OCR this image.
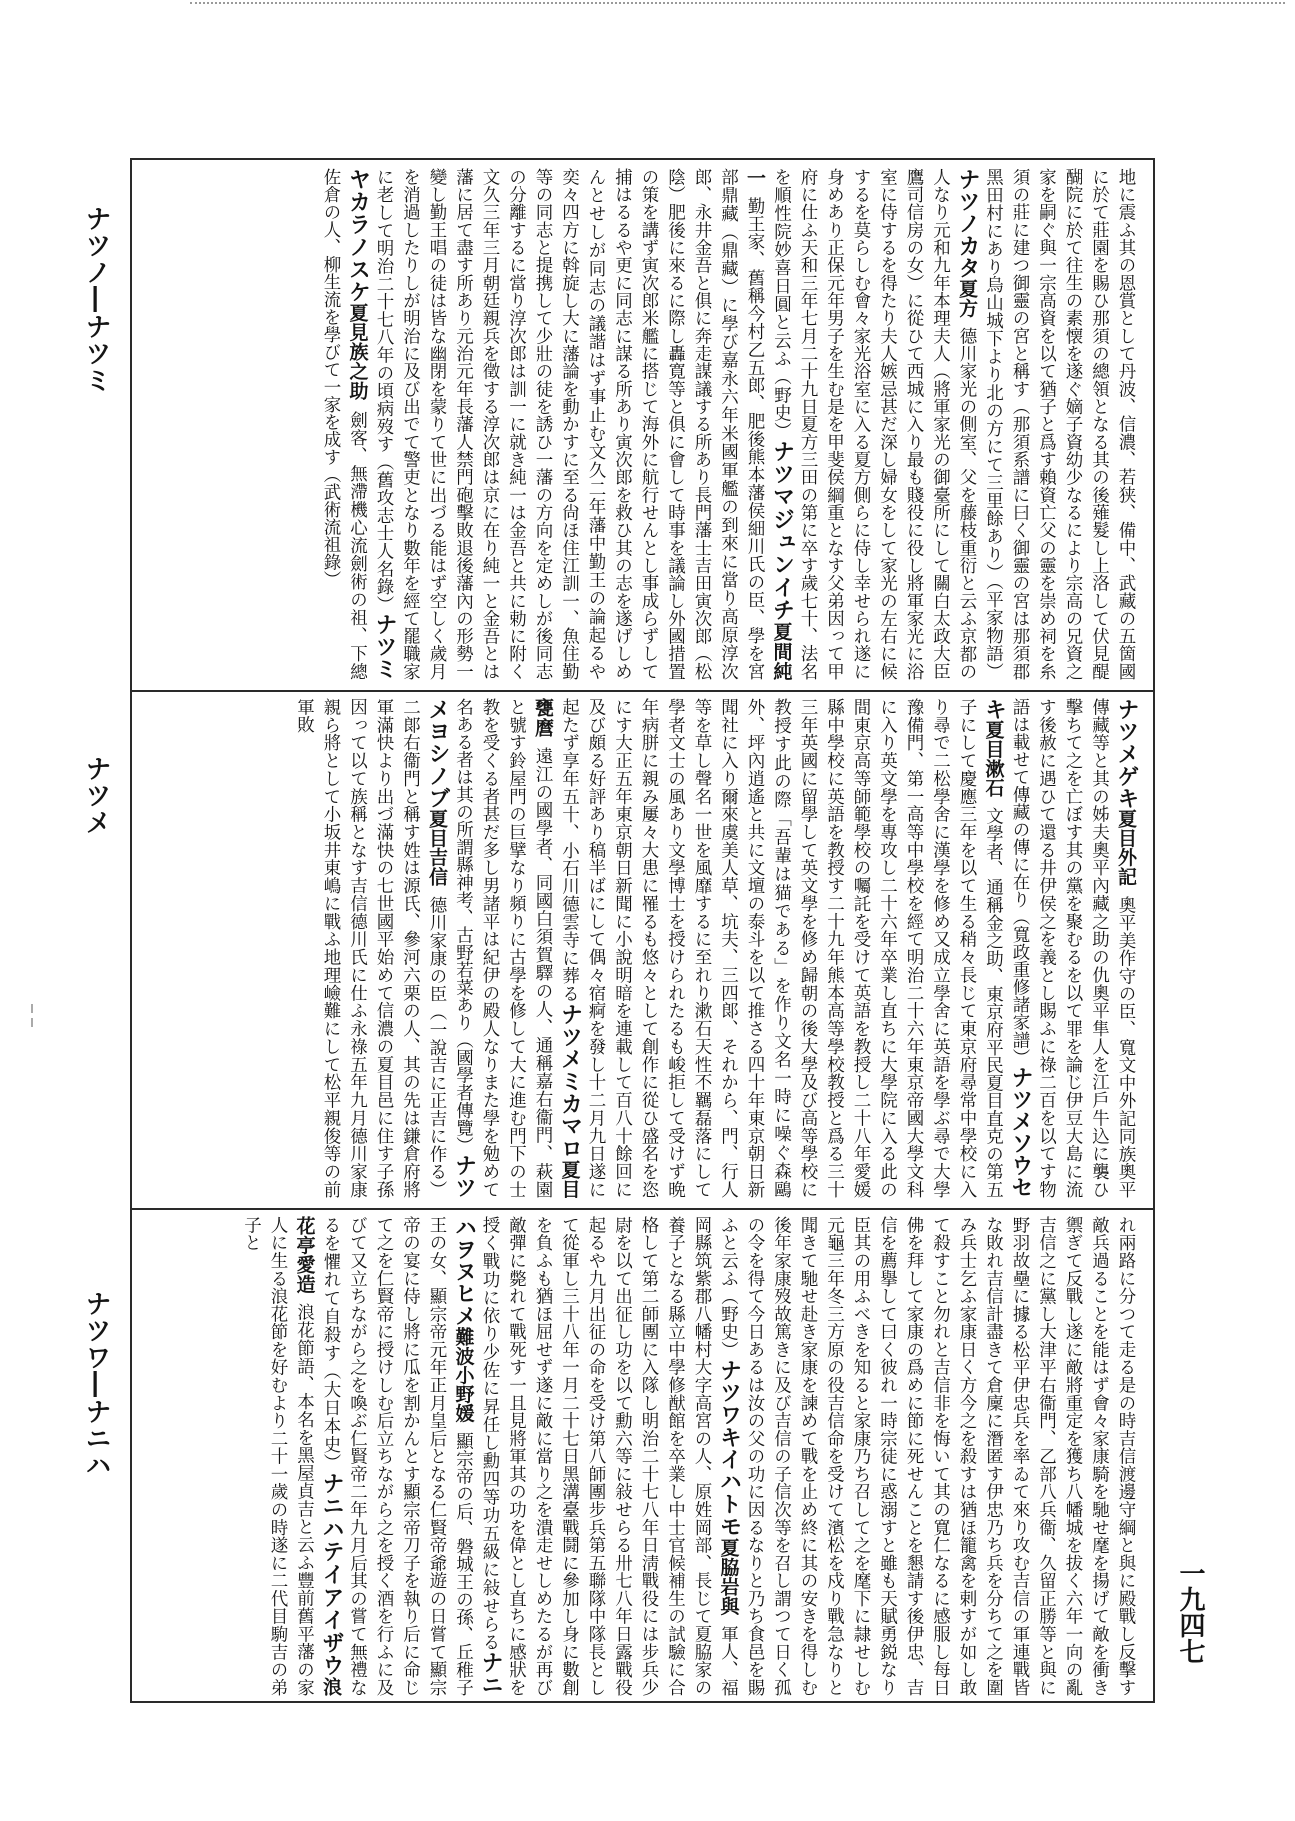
ナツノ―ナツミ
ナツメ
ナツワ―ナニハ
一九四七
地に震ふ其の恩賞として丹波、信濃、若狭、備中、武藏の五箇國に於て莊園を賜ひ那須の總領となる其の後薙髮し上洛して伏見醍醐院に於て往生の素懐を遂ぐ嫡子資幼少なるにより宗高の兄資之家を嗣ぐ與一宗高資を以て猶子と爲す賴資亡父の靈を崇め祠を糸須の莊に建つ御靈の宮と稱す（那須系譜に曰く御靈の宮は那須郡黑田村にあり烏山城下より北の方にて三里餘あり）（平家物語）ナツノカタ夏方德川家光の側室、父を藤枝重衍と云ふ京都の人なり元和九年本理夫人（將軍家光の御臺所にして關白太政大臣鷹司信房の女）に從ひて西城に入り最も賤役に役し將軍家光に浴室に侍するを得たり夫人嫉忌甚だ深し婦女をして家光の左右に候するを莫らしむ會々家光浴室に入る夏方側らに侍し幸せられ遂に身めあり正保元年男子を生む是を甲斐侯綱重となす父弟因って甲府に仕ふ天和三年七月二十九日夏方三田の第に卒す歲七十、法名を順性院妙喜日圓と云ふ（野史）ナツマジュンイチ夏間純一勤王家、舊稱今村乙五郎、肥後熊本藩侯細川氏の臣、學を宮部鼎藏（鼎藏）に學び嘉永六年米國軍艦の到來に當り高原淳次郎、永井金吾と俱に奔走謀議する所あり長門藩士吉田寅次郎（松陰）肥後に來るに際し轟寛等と俱に會して時事を議論し外國措置の策を講ず寅次郎米艦に搭じて海外に航行せんとし事成らずして捕はるるや更に同志に謀る所あり寅次郎を救ひ其の志を遂げしめんとせしが同志の議諧はず事止む文久二年藩中勤王の論起るや奕々四方に斡旋し大に藩論を動かすに至る尙ほ住江訓一、魚住勤等の同志と提携して少壯の徒を誘ひ一藩の方向を定めしが後同志の分離するに當り淳次郎は訓一に就き純一は金吾と共に勅に附く文久三年三月朝廷親兵を徵する淳次郎は京に在り純一と金吾とは藩に居て盡す所あり元治元年長藩人禁門砲擊敗退後藩內の形勢一變し勤王唱の徒は皆な幽閉を蒙りて世に出づる能はず空しく歲月を消過したりしが明治に及び出でて警吏となり數年を經て罷職家に老して明治二十七八年の頃病歿す（舊攻志士人名錄）ナツミヤカラノスケ夏見族之助劍客、無滯機心流劍術の祖、下總佐倉の人、柳生流を學びて一家を成す（武術流祖錄）
ナツメゲキ夏目外記奧平美作守の臣、寬文中外記同族奧平傳藏等と其の姊夫奧平內藏之助の仇奧平隼人を江戶牛込に襲ひ擊ちて之を亡ぼす其の黨を聚むるを以て罪を論じ伊豆大島に流す後赦に遇ひて還る井伊侯之を義とし賜ふに祿二百を以てす物語は載せて傳藏の傳に在り（寬政重修諸家譜）ナツメソウセキ夏目漱石文學者、通稱金之助、東京府平民夏目直克の第五子にして慶應三年を以て生る稍々長じて東京府尋常中學校に入り尋で二松學舍に漢學を修め又成立學舍に英語を學ぶ尋で大學豫備門、第一高等中學校を經て明治二十六年東京帝國大學文科に入り英文學を專攻し二十六年卒業し直ちに大學院に入る此の間東京高等師範學校の囑託を受けて英語を教授し二十八年愛媛縣中學校に英語を教授す二十九年熊本高等學校教授と爲る三十三年英國に留學して英文學を修め歸朝の後大學及び高等學校に教授す此の際「吾輩は猫である」を作り文名一時に噪ぐ森鷗外、坪內逍遙と共に文壇の泰斗を以て推さる四十年東京朝日新聞社に入り爾來虞美人草、坑夫、三四郞、それから、門、行人等を草し聲名一世を風靡するに至れり漱石天性不羈磊落にして學者文士の風あり文學博士を授けられたるも峻拒して受けず晩年病胼に親み屢々大患に罹るも悠々として創作に從ひ盛名を恣にす大正五年東京朝日新聞に小說明暗を連載して百八十餘回に及び頗る好評あり稿半ばにして偶々宿痾を發し十二月九日遂に起たず享年五十、小石川德雲寺に葬るナツメミカマロ夏目甕麿遠江の國學者、同國白須賀驛の人、通稱嘉右衞門、萩園と號す鈴屋門の巨擘なり頻りに古學を修して大に進む門下の士教を受くる者甚だ多し男諸平は紀伊の殿人なりまた學を勉めて名ある者は其の所謂縣神考、古野若菜あり（國學者傳覽）ナツメヨシノブ夏目吉信德川家康の臣（一說吉に正吉に作る）二郞右衞門と稱す姓は源氏、參河六栗の人、其の先は鎌倉府將軍滿快より出づ滿快の七世國平始めて信濃の夏目邑に住す子孫因って以て族稱となす吉信德川氏に仕ふ永祿五年九月德川家康親ら將として小坂井東嶋に戰ふ地理嶮難にして松平親俊等の前軍敗
れ兩路に分つて走る是の時吉信渡邊守綱と與に殿戰し反擊す敵兵過ることを能はず會々家康騎を馳せ麾を揚げて敵を衝き禦ぎて反戰し遂に敵將重定を獲ち八幡城を拔く六年一向の亂吉信之に黨し大津平右衞門、乙部八兵衞、久留正勝等と與に野羽故壘に據る松平伊忠兵を率ゐて來り攻む吉信の軍連戰皆な敗れ吉信計盡きて倉廩に潛匿す伊忠乃ち兵を分ちて之を圍み兵士乞ふ家康日く方今之を殺すは猶ほ籠禽を剌すが如し敢て殺すこと勿れと吉信非を悔いて其の寬仁なるに感服し每日佛を拜して家康の爲めに節に死せんことを懇請す後伊忠、吉信を薦擧して曰く彼れ一時宗徒に惑溺すと雖も天賦勇鋭なり臣其の用ふべきを知ると家康乃ち召して之を麾下に隷せしむ元龜三年冬三方原の役吉信命を受けて濱松を戍り戰急なりと聞きて馳せ赴き家康を諫めて戰を止め終に其の安きを得しむ後年家康歿故篤きに及び吉信の子信次等を召し謂つて日く孤の令を得て今日あるは汝の父の功に因るなりと乃ち食邑を賜ふと云ふ（野史）ナツワキイハトモ夏脇岩與軍人、福岡縣筑紫郡八幡村大字高宮の人、原姓岡部、長じて夏脇家の養子となる縣立中學修猷館を卒業し中士官候補生の試驗に合格して第二師團に入隊し明治二十七八年日淸戰役には步兵少尉を以て出征し功を以て勳六等に敍せらる卅七八年日露戰役起るや九月出征の命を受け第八師團步兵第五聯隊中隊長として從軍し三十八年一月二十七日黑溝臺戰鬪に參加し身に數創を負ふも猶ほ屈せず遂に敵に當り之を潰走せしめたるが再び敵彈に斃れて戰死す一且見將軍其の功を偉とし直ちに感狀を授く戰功に依り少佐に昇任し勳四等功五級に敍せらるナニハヲヌヒメ難波小野媛顯宗帝の后、磐城王の孫、丘稚子王の女、顯宗帝元年正月皇后となる仁賢帝爺遊の日嘗て顯宗帝の宴に侍し將に瓜を割かんとす顯宗帝刀子を執り后に命じて之を仁賢帝に授けしむ后立ちながら之を授く酒を行ふに及びて又立ちながら之を喚ぶ仁賢帝二年九月后其の嘗て無禮なるを懼れて自殺す（大日本史）ナニハテイアイザウ浪花亭愛造浪花節語、本名を黑屋貞吉と云ふ豐前舊平藩の家人に生る浪花節を好むより二十一歲の時遂に二代目駒吉の弟子と
